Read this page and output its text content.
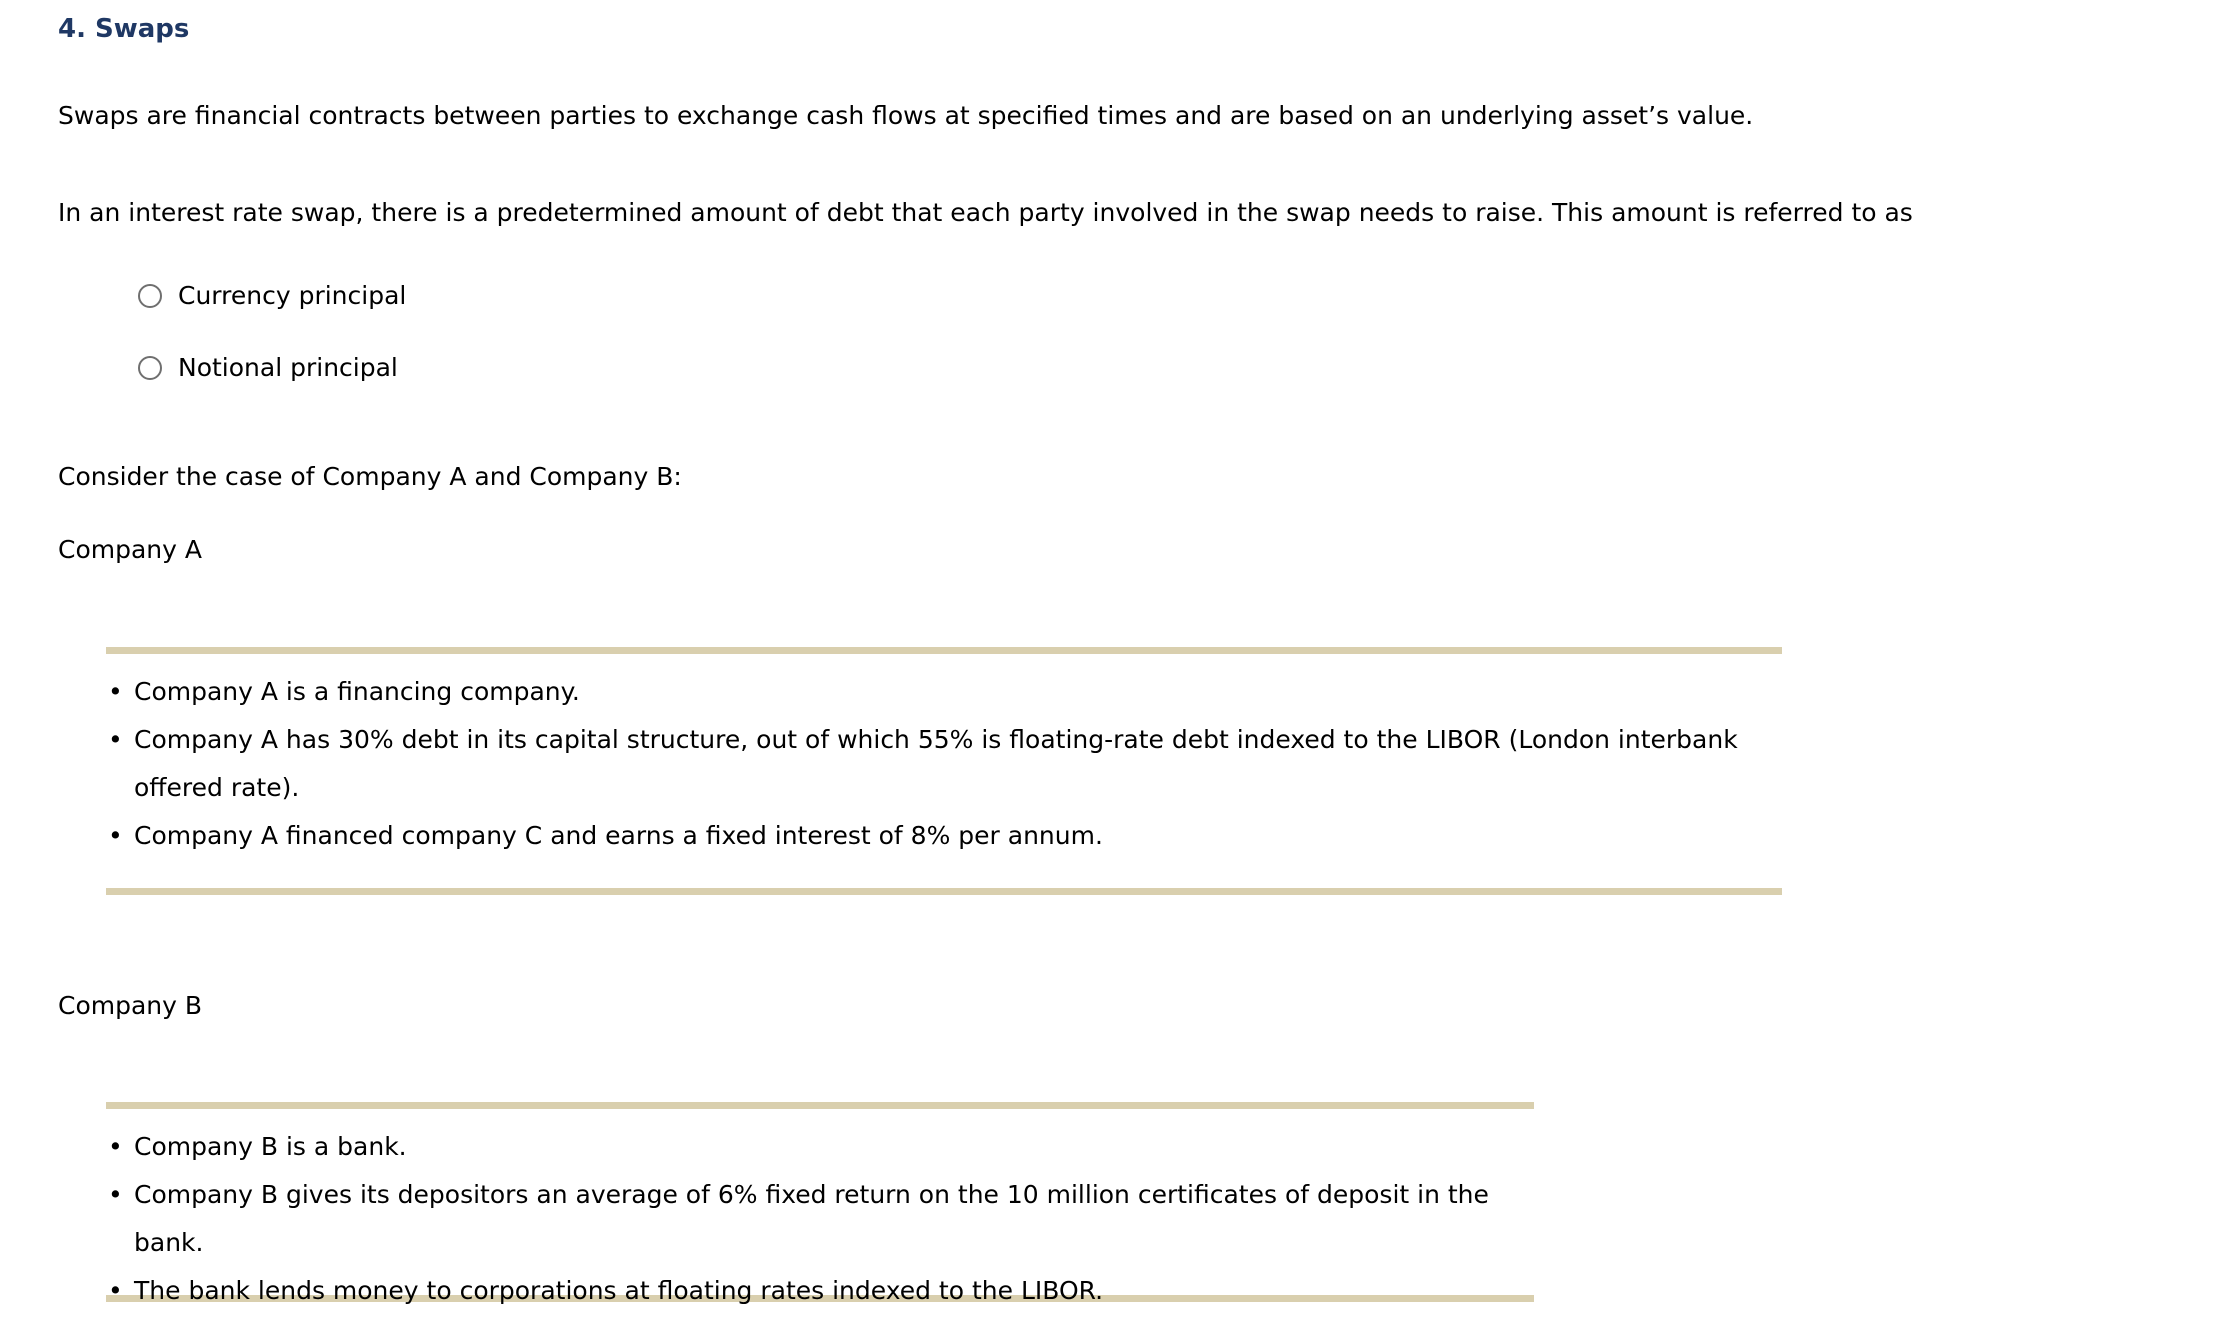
4. Swaps

Swaps are financial contracts between parties to exchange cash flows at specified times and are based on an underlying asset’s value.

In an interest rate swap, there is a predetermined amount of debt that each party involved in the swap needs to raise. This amount is referred to as

Currency principal
Notional principal

Consider the case of Company A and Company B:

Company A

• Company A is a financing company.
• Company A has 30% debt in its capital structure, out of which 55% is floating-rate debt indexed to the LIBOR (London interbank offered rate).
• Company A financed company C and earns a fixed interest of 8% per annum.

Company B

• Company B is a bank.
• Company B gives its depositors an average of 6% fixed return on the 10 million certificates of deposit in the bank.
• The bank lends money to corporations at floating rates indexed to the LIBOR.
